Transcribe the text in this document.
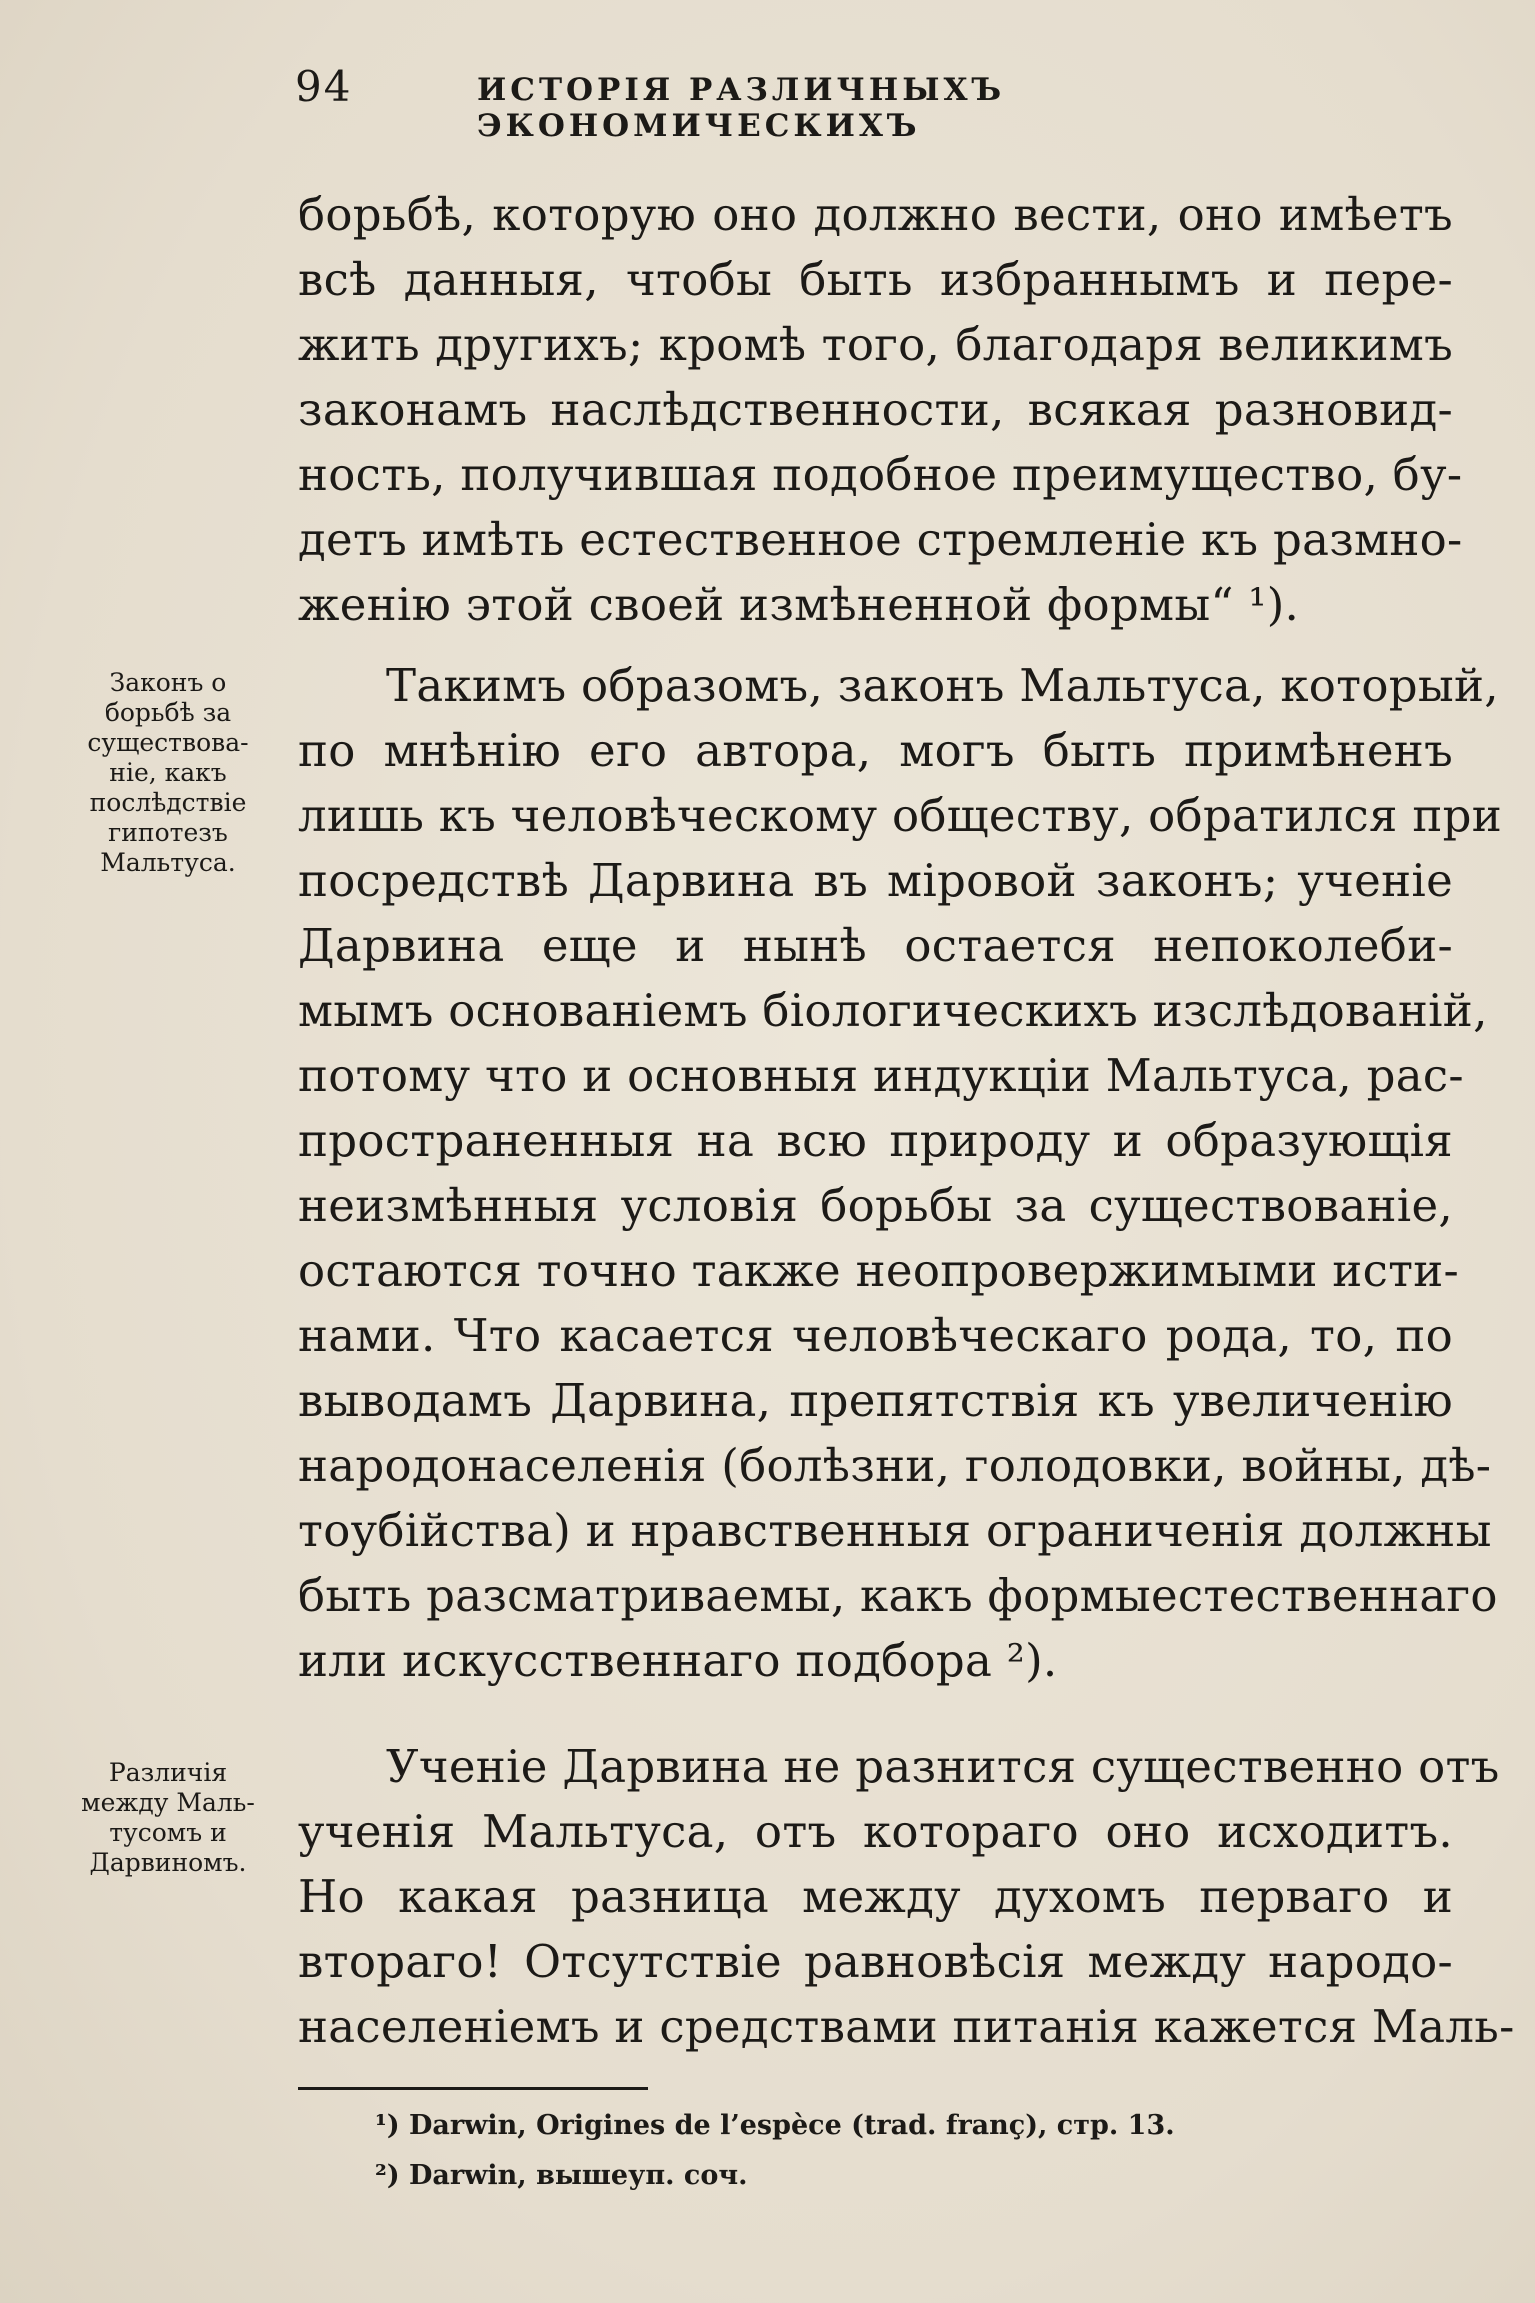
94	ИСТОРІЯ РАЗЛИЧНЫХЪ ЭКОНОМИЧЕСКИХЪ
борьбѣ, которую оно должно вести, оно имѣетъ
всѣ данныя, чтобы быть избраннымъ и пере-
жить другихъ; кромѣ того, благодаря великимъ
законамъ наслѣдственности, всякая разновид-
ность, получившая подобное преимущество, бу-
детъ имѣть естественное стремленіе къ размно-
женію этой своей измѣненной формы“ ¹).
Такимъ образомъ, законъ Мальтуса, который,
по мнѣнію его автора, могъ быть примѣненъ
лишь къ человѣческому обществу, обратился при
посредствѣ Дарвина въ міровой законъ; ученіе
Дарвина еще и нынѣ остается непоколеби-
мымъ основаніемъ біологическихъ изслѣдованій,
потому что и основныя индукціи Мальтуса, рас-
пространенныя на всю природу и образующія
неизмѣнныя условія борьбы за существованіе,
остаются точно также неопровержимыми исти-
нами. Что касается человѣческаго рода, то, по
выводамъ Дарвина, препятствія къ увеличенію
народонаселенія (болѣзни, голодовки, войны, дѣ-
тоубійства) и нравственныя ограниченія должны
быть разсматриваемы, какъ формыестественнаго
или искусственнаго подбора ²).
Ученіе Дарвина не разнится существенно отъ
ученія Мальтуса, отъ котораго оно исходитъ.
Но какая разница между духомъ перваго и
втораго! Отсутствіе равновѣсія между народо-
населеніемъ и средствами питанія кажется Маль-
Законъ о
борьбѣ за
существова-
ніе, какъ
послѣдствіе
гипотезъ
Мальтуса.
Различія
между Маль-
тусомъ и
Дарвиномъ.
¹) Darwin, Origines de l’espèce (trad. franç), стр. 13.
²) Darwin, вышеуп. соч.
